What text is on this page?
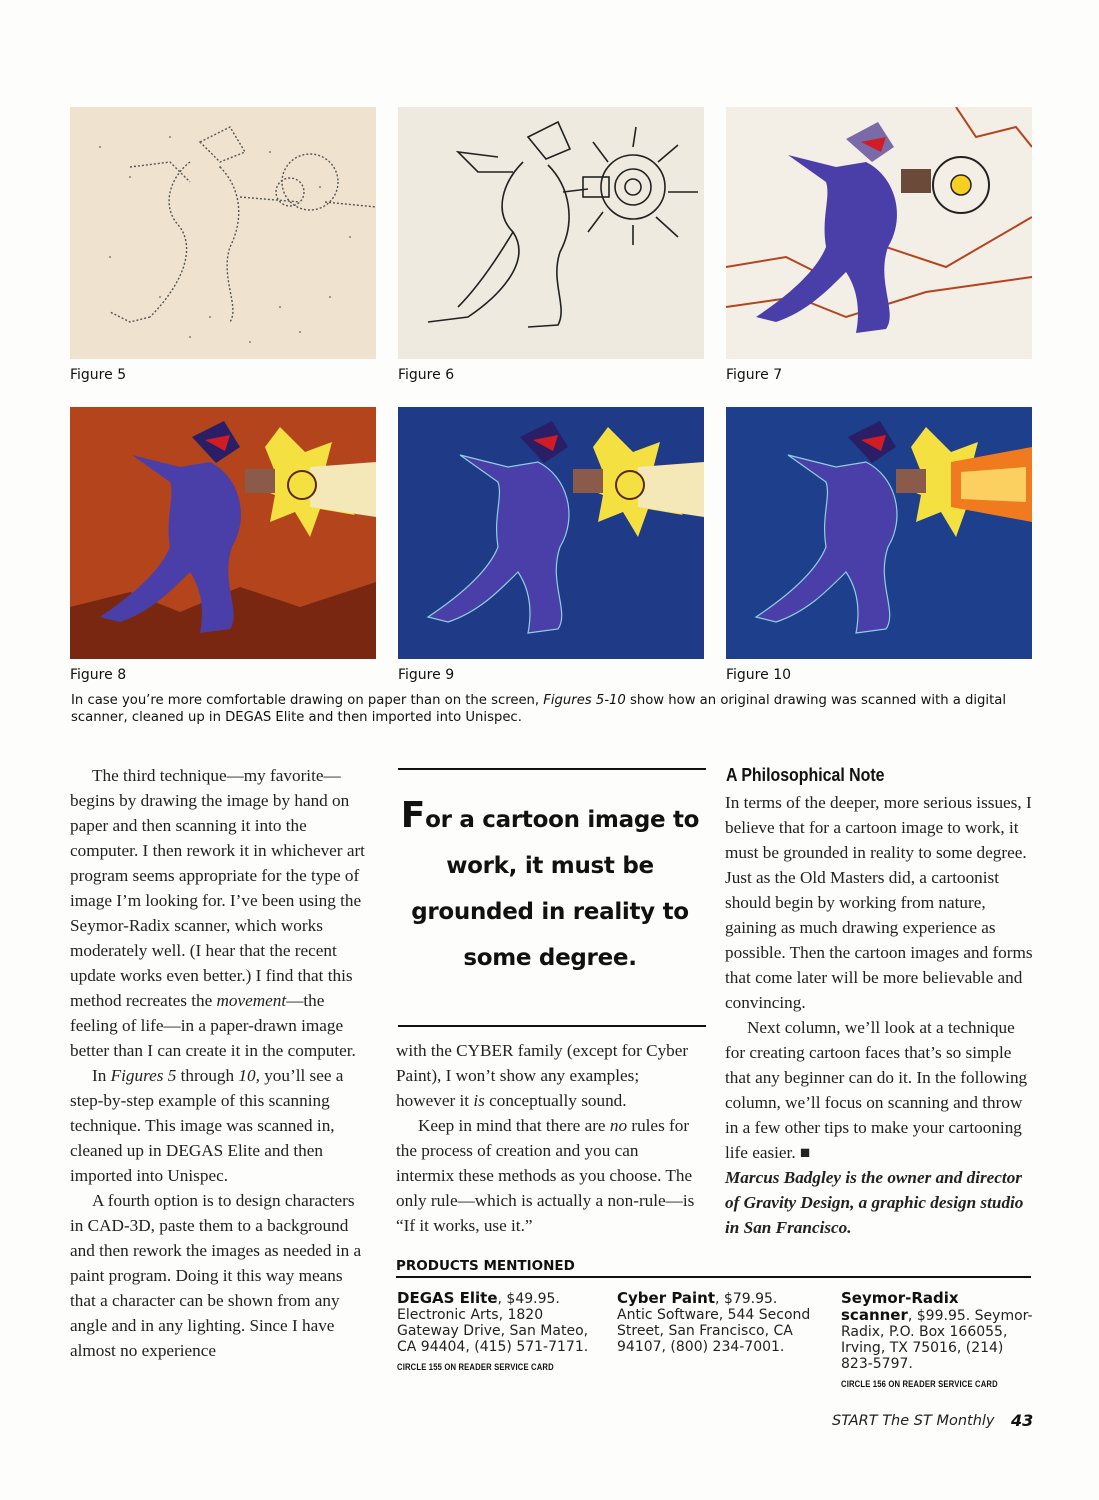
Figure 5	Figure 6	Figure 7
Figure 8	Figure 9	Figure 10
In case you’re more comfortable drawing on paper than on the screen, Figures 5-10 show how an original drawing was scanned with a digital scanner, cleaned up in DEGAS Elite and then imported into Unispec.

The third technique—my favorite—begins by drawing the image by hand on paper and then scanning it into the computer. I then rework it in whichever art program seems appropriate for the type of image I’m looking for. I’ve been using the Seymor-Radix scanner, which works moderately well. (I hear that the recent update works even better.) I find that this method recreates the movement—the feeling of life—in a paper-drawn image better than I can create it in the computer.

In Figures 5 through 10, you’ll see a step-by-step example of this scanning technique. This image was scanned in, cleaned up in DEGAS Elite and then imported into Unispec.

A fourth option is to design characters in CAD-3D, paste them to a background and then rework the images as needed in a paint program. Doing it this way means that a character can be shown from any angle and in any lighting. Since I have almost no experience

For a cartoon image to work, it must be grounded in reality to some degree.

with the CYBER family (except for Cyber Paint), I won’t show any examples; however it is conceptually sound.

Keep in mind that there are no rules for the process of creation and you can intermix these methods as you choose. The only rule—which is actually a non-rule—is “If it works, use it.”

A Philosophical Note

In terms of the deeper, more serious issues, I believe that for a cartoon image to work, it must be grounded in reality to some degree. Just as the Old Masters did, a cartoonist should begin by working from nature, gaining as much drawing experience as possible. Then the cartoon images and forms that come later will be more believable and convincing.

Next column, we’ll look at a technique for creating cartoon faces that’s so simple that any beginner can do it. In the following column, we’ll focus on scanning and throw in a few other tips to make your cartooning life easier. ■

Marcus Badgley is the owner and director of Gravity Design, a graphic design studio in San Francisco.

PRODUCTS MENTIONED
DEGAS Elite, $49.95. Electronic Arts, 1820 Gateway Drive, San Mateo, CA 94404, (415) 571-7171.
CIRCLE 155 ON READER SERVICE CARD
Cyber Paint, $79.95. Antic Software, 544 Second Street, San Francisco, CA 94107, (800) 234-7001.
Seymor-Radix scanner, $99.95. Seymor-Radix, P.O. Box 166055, Irving, TX 75016, (214) 823-5797.
CIRCLE 156 ON READER SERVICE CARD
START The ST Monthly 43
